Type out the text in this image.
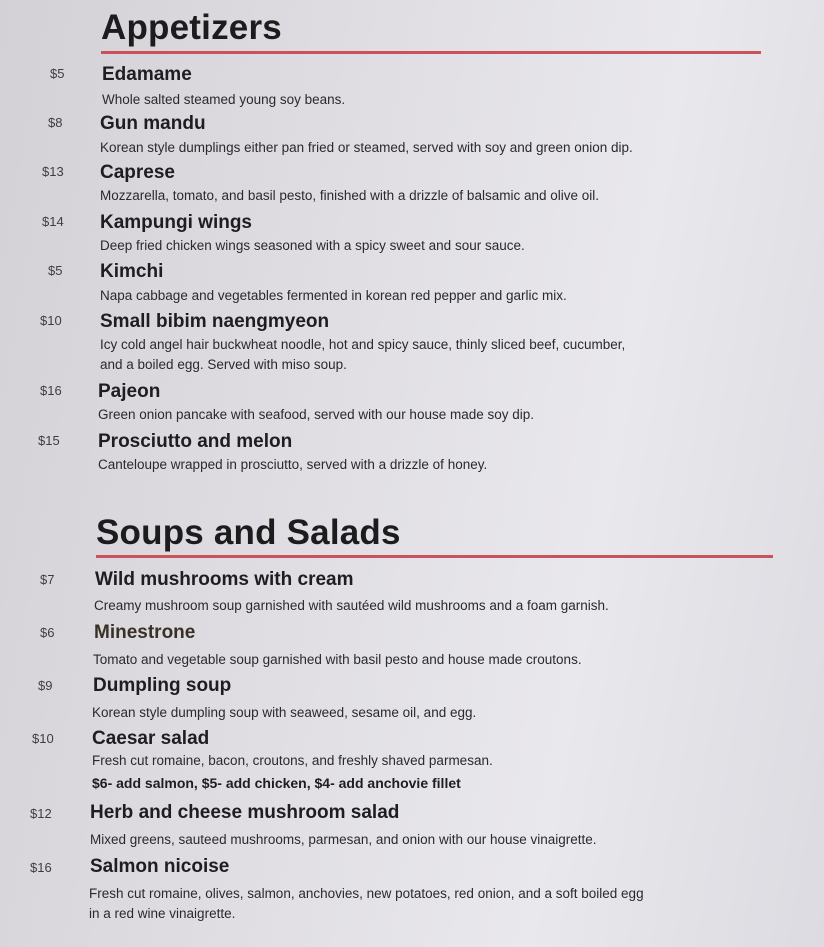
Appetizers
$5 Edamame
Whole salted steamed young soy beans.
$8 Gun mandu
Korean style dumplings either pan fried or steamed, served with soy and green onion dip.
$13 Caprese
Mozzarella, tomato, and basil pesto, finished with a drizzle of balsamic and olive oil.
$14 Kampungi wings
Deep fried chicken wings seasoned with a spicy sweet and sour sauce.
$5 Kimchi
Napa cabbage and vegetables fermented in korean red pepper and garlic mix.
$10 Small bibim naengmyeon
Icy cold angel hair buckwheat noodle, hot and spicy sauce, thinly sliced beef, cucumber,
and a boiled egg. Served with miso soup.
$16 Pajeon
Green onion pancake with seafood, served with our house made soy dip.
$15 Prosciutto and melon
Canteloupe wrapped in prosciutto, served with a drizzle of honey.
Soups and Salads
$7 Wild mushrooms with cream
Creamy mushroom soup garnished with sautéed wild mushrooms and a foam garnish.
$6 Minestrone
Tomato and vegetable soup garnished with basil pesto and house made croutons.
$9 Dumpling soup
Korean style dumpling soup with seaweed, sesame oil, and egg.
$10 Caesar salad
Fresh cut romaine, bacon, croutons, and freshly shaved parmesan.
$6- add salmon, $5- add chicken, $4- add anchovie fillet
$12 Herb and cheese mushroom salad
Mixed greens, sauteed mushrooms, parmesan, and onion with our house vinaigrette.
$16 Salmon nicoise
Fresh cut romaine, olives, salmon, anchovies, new potatoes, red onion, and a soft boiled egg
in a red wine vinaigrette.
